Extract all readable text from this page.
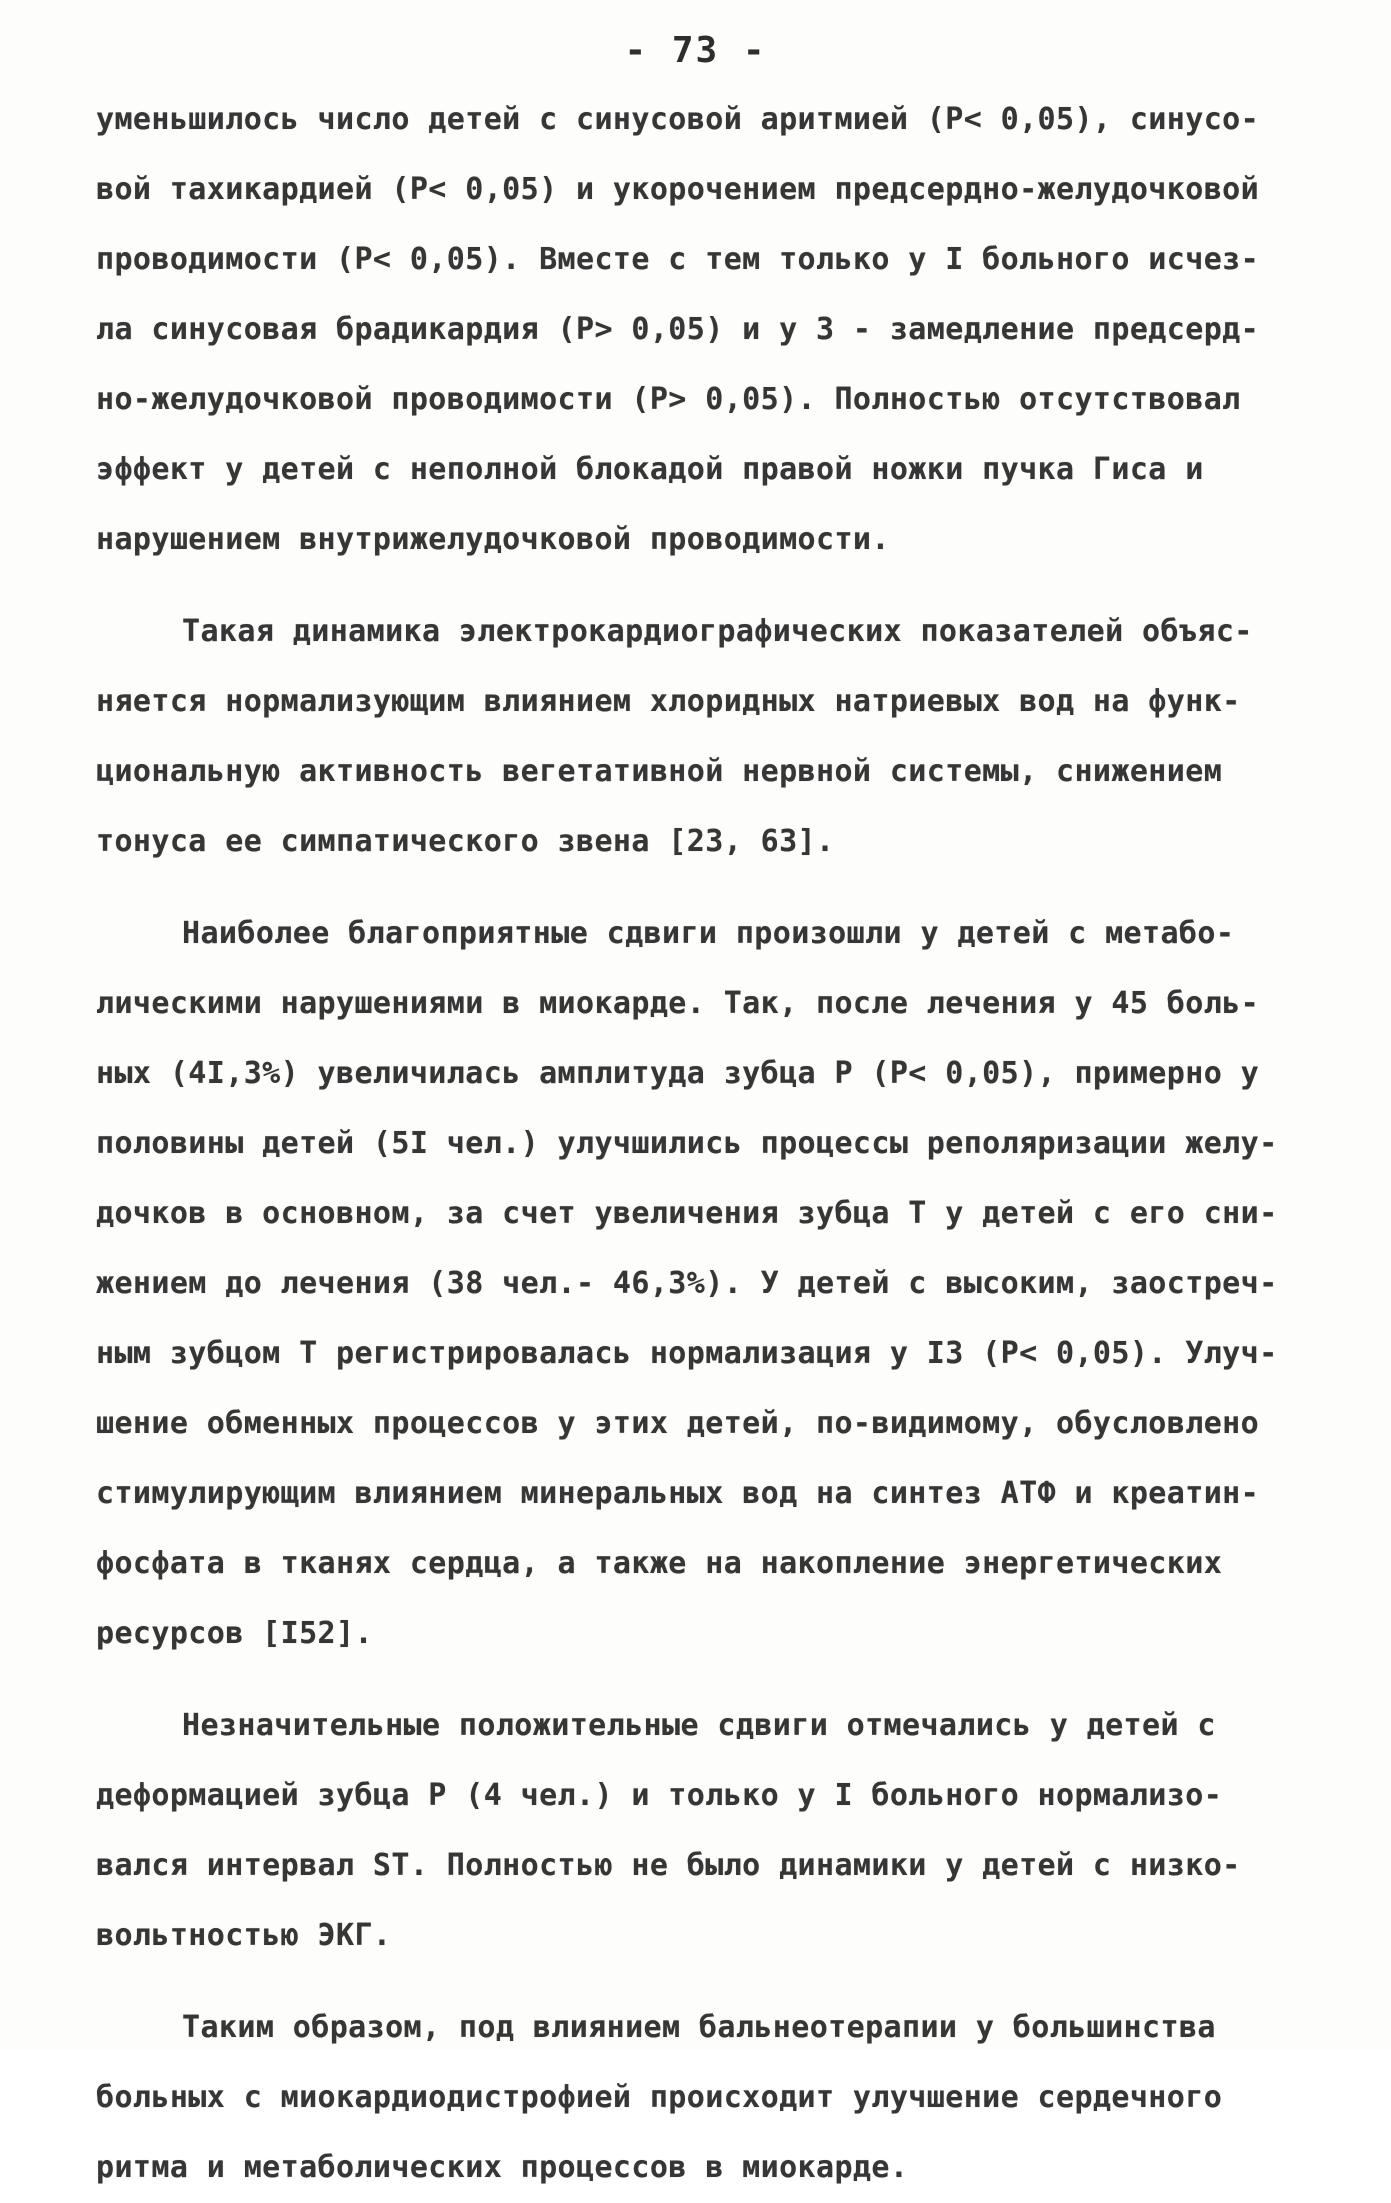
- 73 -
уменьшилось число детей с синусовой аритмией (P< 0,05), синусо-
вой тахикардией (P< 0,05) и укорочением предсердно-желудочковой
проводимости (P< 0,05). Вместе с тем только у I больного исчез-
ла синусовая брадикардия (P> 0,05) и у 3 - замедление предсерд-
но-желудочковой проводимости (P> 0,05). Полностью отсутствовал
эффект у детей с неполной блокадой правой ножки пучка Гиса и
нарушением внутрижелудочковой проводимости.
Такая динамика электрокардиографических показателей объяс-
няется нормализующим влиянием хлоридных натриевых вод на функ-
циональную активность вегетативной нервной системы, снижением
тонуса ее симпатического звена [23, 63].
Наиболее благоприятные сдвиги произошли у детей с метабо-
лическими нарушениями в миокарде. Так, после лечения у 45 боль-
ных (4I,3%) увеличилась амплитуда зубца P (P< 0,05), примерно у
половины детей (5I чел.) улучшились процессы реполяризации желу-
дочков в основном, за счет увеличения зубца T у детей с его сни-
жением до лечения (38 чел.- 46,3%). У детей с высоким, заостреч-
ным зубцом T регистрировалась нормализация у I3 (P< 0,05). Улуч-
шение обменных процессов у этих детей, по-видимому, обусловлено
стимулирующим влиянием минеральных вод на синтез АТФ и креатин-
фосфата в тканях сердца, а также на накопление энергетических
ресурсов [I52].
Незначительные положительные сдвиги отмечались у детей с
деформацией зубца P (4 чел.) и только у I больного нормализо-
вался интервал ST. Полностью не было динамики у детей с низко-
вольтностью ЭКГ.
Таким образом, под влиянием бальнеотерапии у большинства
больных с миокардиодистрофией происходит улучшение сердечного
ритма и метаболических процессов в миокарде.
